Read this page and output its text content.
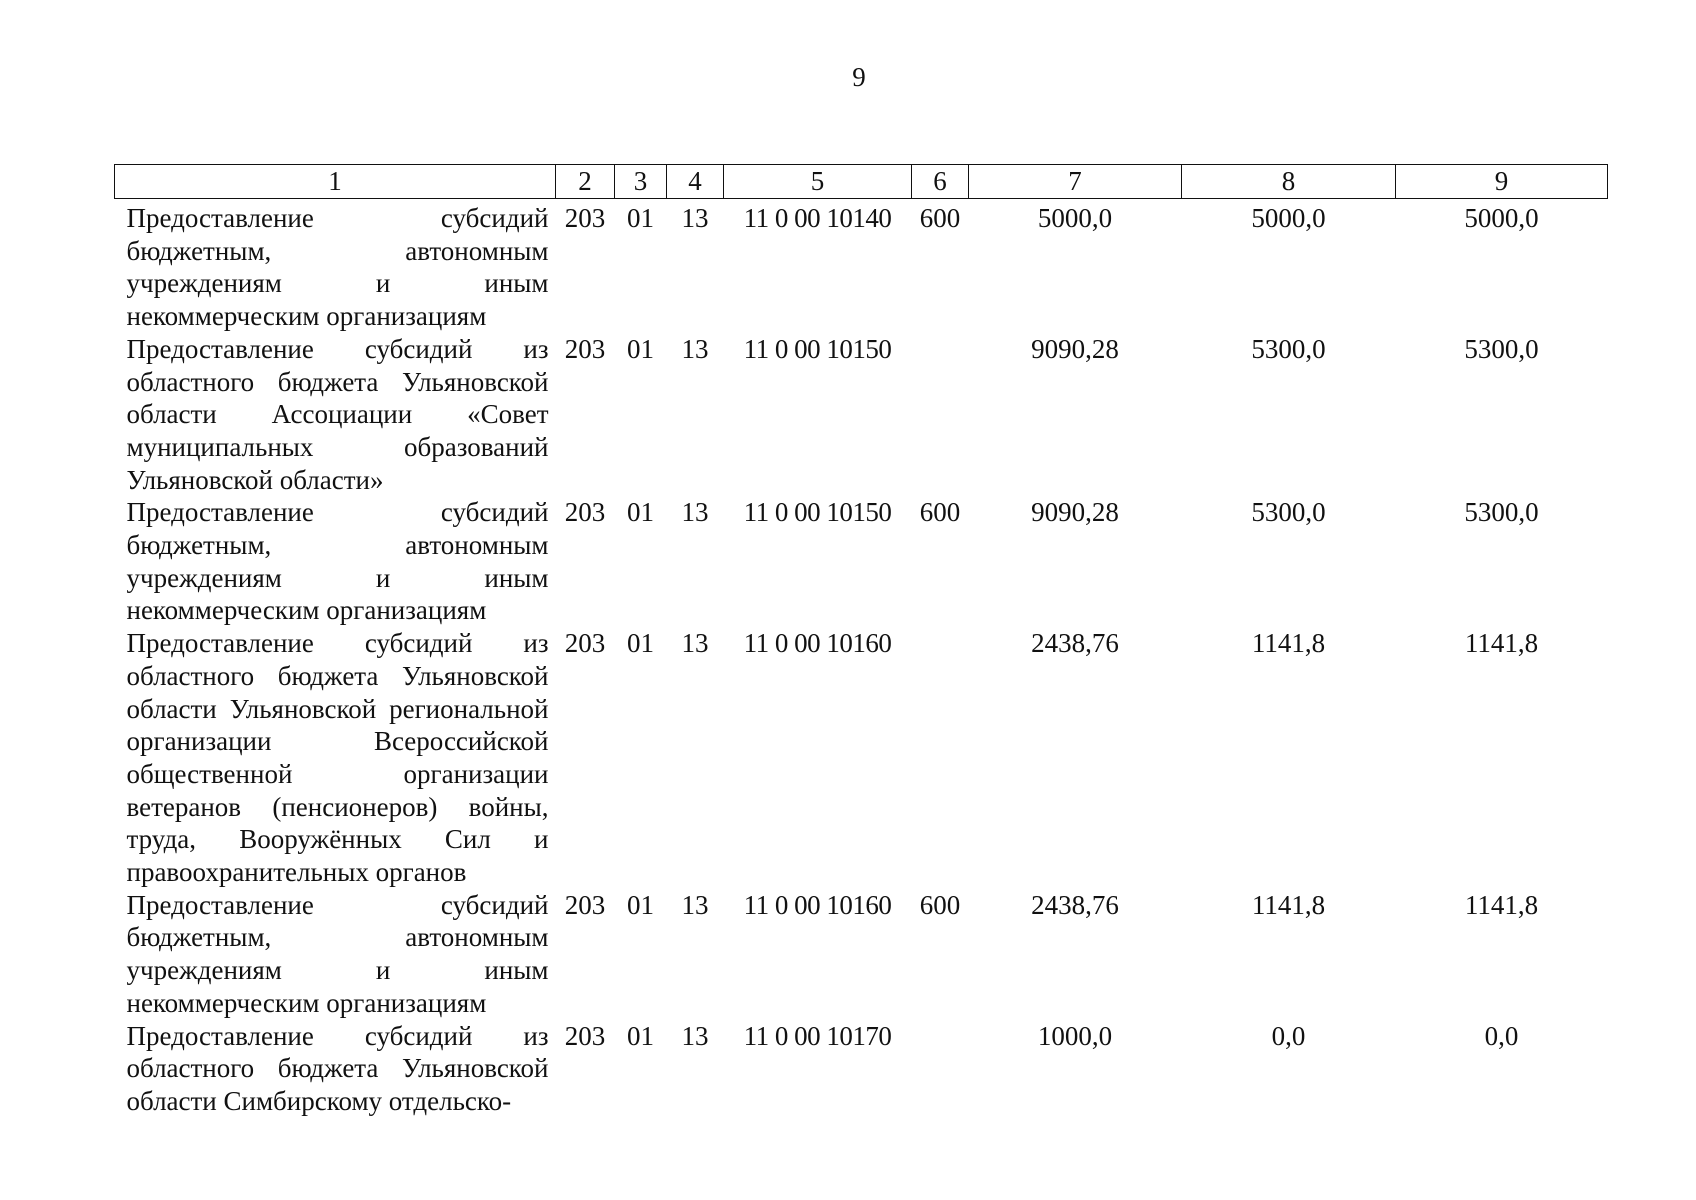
9
1	2	3	4	5	6	7	8	9
Предоставление субсидий бюджетным, автономным учреждениям и иным некоммерческим организациям	203	01	13	11 0 00 10140	600	5000,0	5000,0	5000,0
Предоставление субсидий из областного бюджета Ульяновской области Ассоциации «Совет муниципальных образований Ульяновской области»	203	01	13	11 0 00 10150		9090,28	5300,0	5300,0
Предоставление субсидий бюджетным, автономным учреждениям и иным некоммерческим организациям	203	01	13	11 0 00 10150	600	9090,28	5300,0	5300,0
Предоставление субсидий из областного бюджета Ульяновской области Ульяновской региональной организации Всероссийской общественной организации ветеранов (пенсионеров) войны, труда, Вооружённых Сил и правоохранительных органов	203	01	13	11 0 00 10160		2438,76	1141,8	1141,8
Предоставление субсидий бюджетным, автономным учреждениям и иным некоммерческим организациям	203	01	13	11 0 00 10160	600	2438,76	1141,8	1141,8
Предоставление субсидий из областного бюджета Ульяновской области Симбирскому отдельско-	203	01	13	11 0 00 10170		1000,0	0,0	0,0
